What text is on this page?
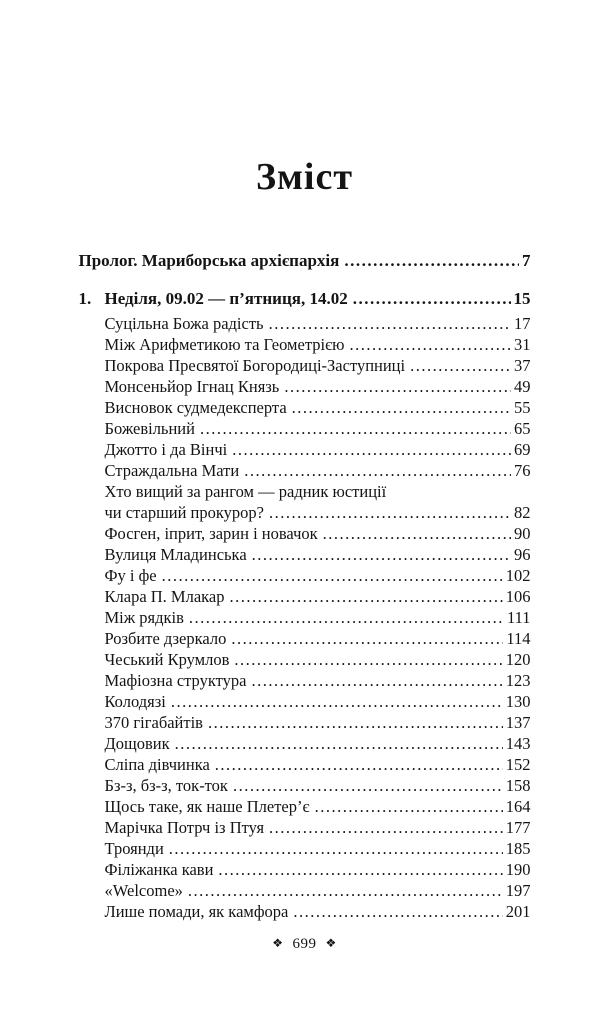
Зміст
Пролог. Мариборська архієпархія .....	7
1. Неділя, 09.02 — п’ятниця, 14.02 .....	15
Суцільна Божа радість .....	17
Між Арифметикою та Геометрією .....	31
Покрова Пресвятої Богородиці-Заступниці .....	37
Монсеньйор Ігнац Князь .....	49
Висновок судмедексперта .....	55
Божевільний .....	65
Джотто і да Вінчі .....	69
Страждальна Мати .....	76
Хто вищий за рангом — радник юстиції
чи старший прокурор? .....	82
Фосген, іприт, зарин і новачок .....	90
Вулиця Младинська .....	96
Фу і фе .....	102
Клара П. Млакар .....	106
Між рядків .....	111
Розбите дзеркало .....	114
Чеський Крумлов .....	120
Мафіозна структура .....	123
Колодязі .....	130
370 гігабайтів .....	137
Дощовик .....	143
Сліпа дівчинка .....	152
Бз-з, бз-з, ток-ток .....	158
Щось таке, як наше Плетер’є .....	164
Марічка Потрч із Птуя .....	177
Троянди .....	185
Філіжанка кави .....	190
«Welcome» .....	197
Лише помади, як камфора .....	201
❖ 699 ❖
